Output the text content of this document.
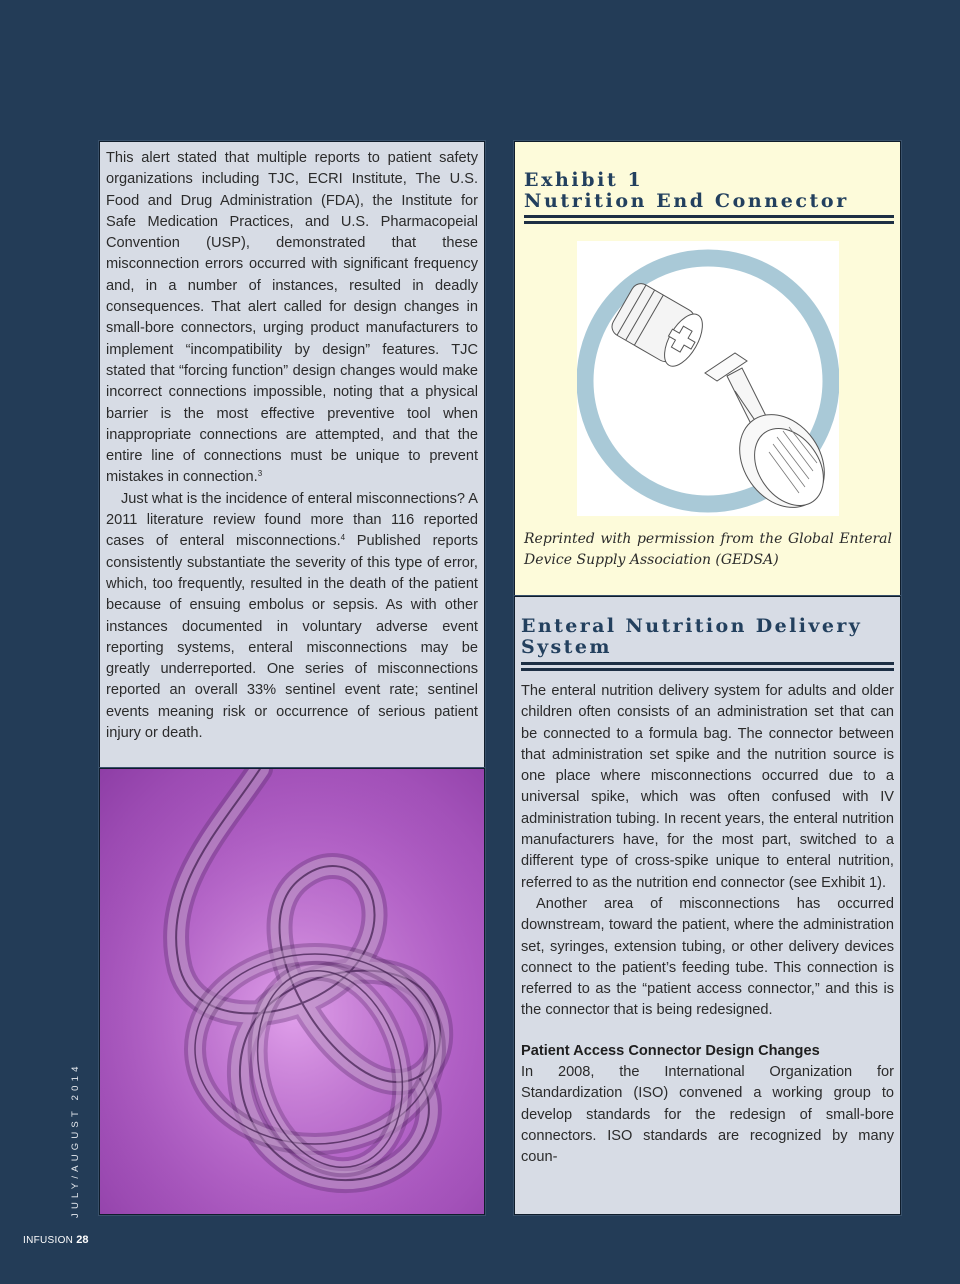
This alert stated that multiple reports to patient safety organizations including TJC, ECRI Institute, The U.S. Food and Drug Administration (FDA), the Institute for Safe Medication Practices, and U.S. Pharmacopeial Convention (USP), demonstrated that these misconnection errors occurred with significant frequency and, in a number of instances, resulted in deadly consequences. That alert called for design changes in small-bore connectors, urging product manufacturers to implement “incompatibility by design” features. TJC stated that “forcing function” design changes would make incorrect connections impossible, noting that a physical barrier is the most effective preventive tool when inappropriate connections are attempted, and that the entire line of connections must be unique to prevent mistakes in connection.$^3$

Just what is the incidence of enteral misconnections? A 2011 literature review found more than 116 reported cases of enteral misconnections.$^4$ Published reports consistently substantiate the severity of this type of error, which, too frequently, resulted in the death of the patient because of ensuing embolus or sepsis. As with other instances documented in voluntary adverse event reporting systems, enteral misconnections may be greatly underreported. One series of misconnections reported an overall 33% sentinel event rate; sentinel events meaning risk or occurrence of serious patient injury or death.

Exhibit 1

Nutrition End Connector

Reprinted with permission from the Global Enteral Device Supply Association (GEDSA)

Enteral Nutrition Delivery System

The enteral nutrition delivery system for adults and older children often consists of an administration set that can be connected to a formula bag. The connector between that administration set spike and the nutrition source is one place where misconnections occurred due to a universal spike, which was often confused with IV administration tubing. In recent years, the enteral nutrition manufacturers have, for the most part, switched to a different type of cross-spike unique to enteral nutrition, referred to as the nutrition end connector (see Exhibit 1).

Another area of misconnections has occurred downstream, toward the patient, where the administration set, syringes, extension tubing, or other delivery devices connect to the patient’s feeding tube. This connection is referred to as the “patient access connector,” and this is the connector that is being redesigned.

Patient Access Connector Design Changes

In 2008, the International Organization for Standardization (ISO) convened a working group to develop standards for the redesign of small-bore connectors. ISO standards are recognized by many coun-

JULY/AUGUST 2014
INFUSION 28
